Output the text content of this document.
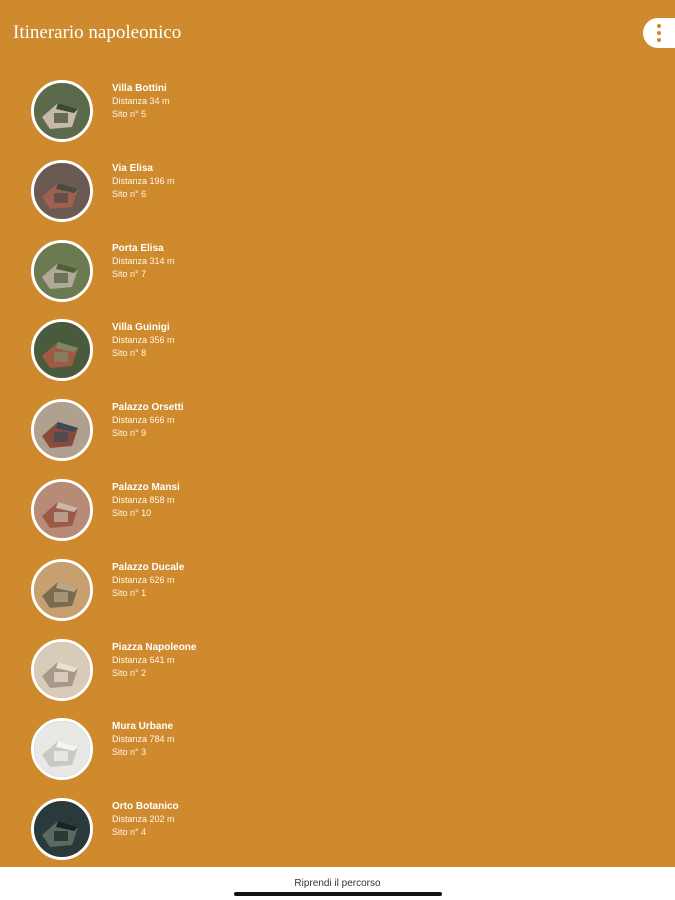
Itinerario napoleonico
Villa Bottini
Distanza 34 m
Sito n° 5
Via Elisa
Distanza 196 m
Sito n° 6
Porta Elisa
Distanza 314 m
Sito n° 7
Villa Guinigi
Distanza 356 m
Sito n° 8
Palazzo Orsetti
Distanza 666 m
Sito n° 9
Palazzo Mansi
Distanza 858 m
Sito n° 10
Palazzo Ducale
Distanza 626 m
Sito n° 1
Piazza Napoleone
Distanza 641 m
Sito n° 2
Mura Urbane
Distanza 784 m
Sito n° 3
Orto Botanico
Distanza 202 m
Sito n° 4
Riprendi il percorso
